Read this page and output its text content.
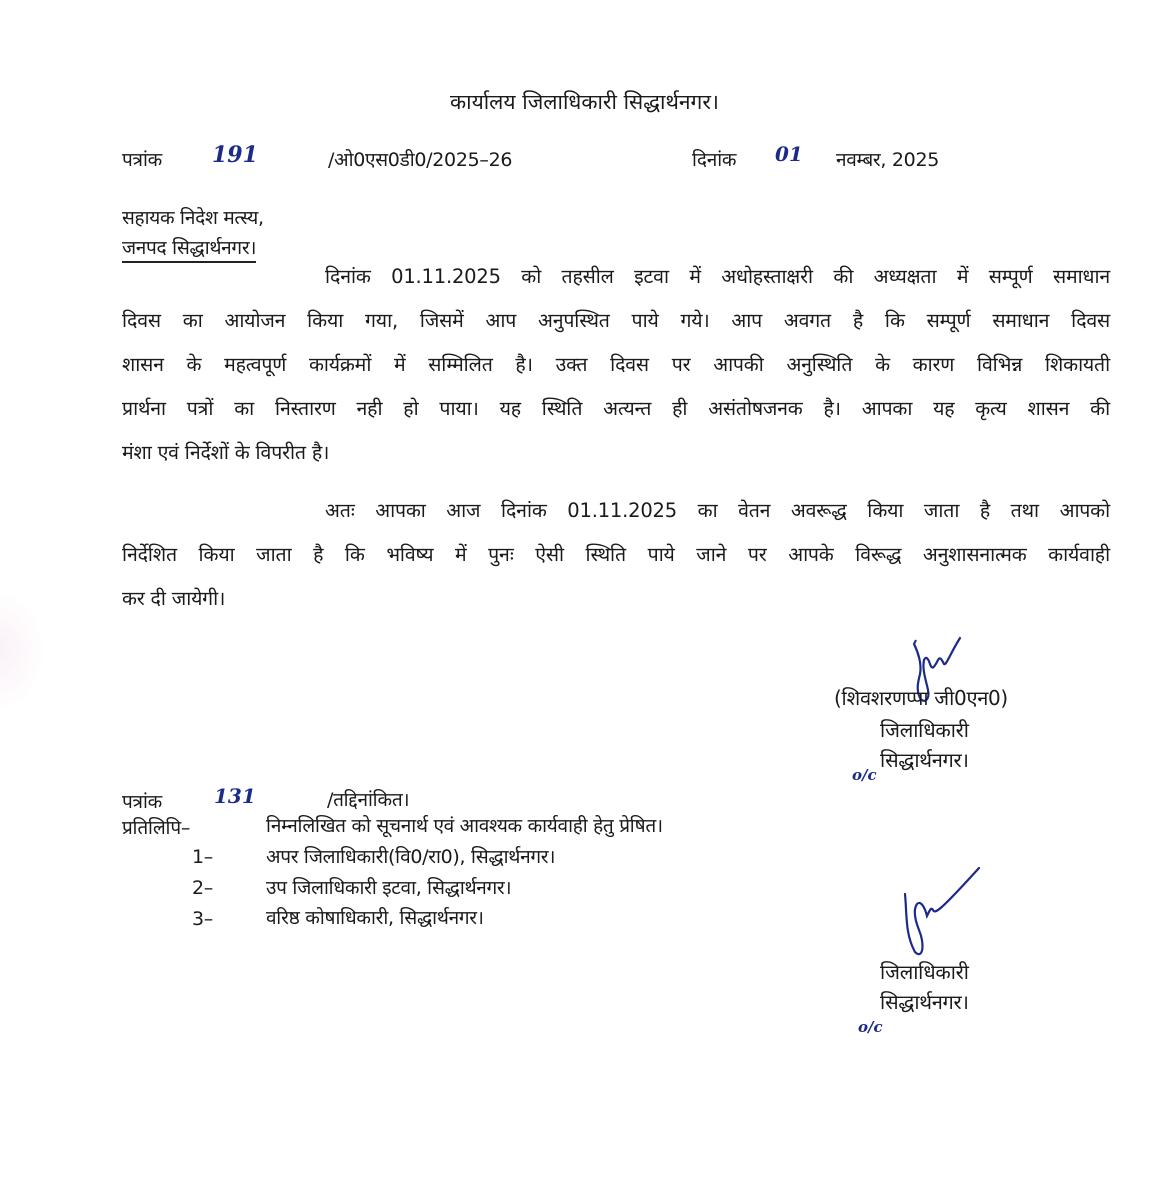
कार्यालय जिलाधिकारी सिद्धार्थनगर।
पत्रांक 191	/ओ0एस0डी0/2025–26	दिनांक 01 नवम्बर, 2025
सहायक निदेश मत्स्य,
जनपद सिद्धार्थनगर।
दिनांक 01.11.2025 को तहसील इटवा में अधोहस्ताक्षरी की अध्यक्षता में सम्पूर्ण समाधान
दिवस का आयोजन किया गया, जिसमें आप अनुपस्थित पाये गये। आप अवगत है कि सम्पूर्ण समाधान दिवस
शासन के महत्वपूर्ण कार्यक्रमों में सम्मिलित है। उक्त दिवस पर आपकी अनुस्थिति के कारण विभिन्न शिकायती
प्रार्थना पत्रों का निस्तारण नही हो पाया। यह स्थिति अत्यन्त ही असंतोषजनक है। आपका यह कृत्य शासन की
मंशा एवं निर्देशों के विपरीत है।
अतः आपका आज दिनांक 01.11.2025 का वेतन अवरूद्ध किया जाता है तथा आपको
निर्देशित किया जाता है कि भविष्य में पुनः ऐसी स्थिति पाये जाने पर आपके विरूद्ध अनुशासनात्मक कार्यवाही
कर दी जायेगी।
(शिवशरणप्पा जी0एन0)
जिलाधिकारी
सिद्धार्थनगर।
o/c
पत्रांक	131	/तद्दिनांकित।
प्रतिलिपि–	निम्नलिखित को सूचनार्थ एवं आवश्यक कार्यवाही हेतु प्रेषित।
1–	अपर जिलाधिकारी(वि0/रा0), सिद्धार्थनगर।
2–	उप जिलाधिकारी इटवा, सिद्धार्थनगर।
3–	वरिष्ठ कोषाधिकारी, सिद्धार्थनगर।
जिलाधिकारी
सिद्धार्थनगर।
o/c
